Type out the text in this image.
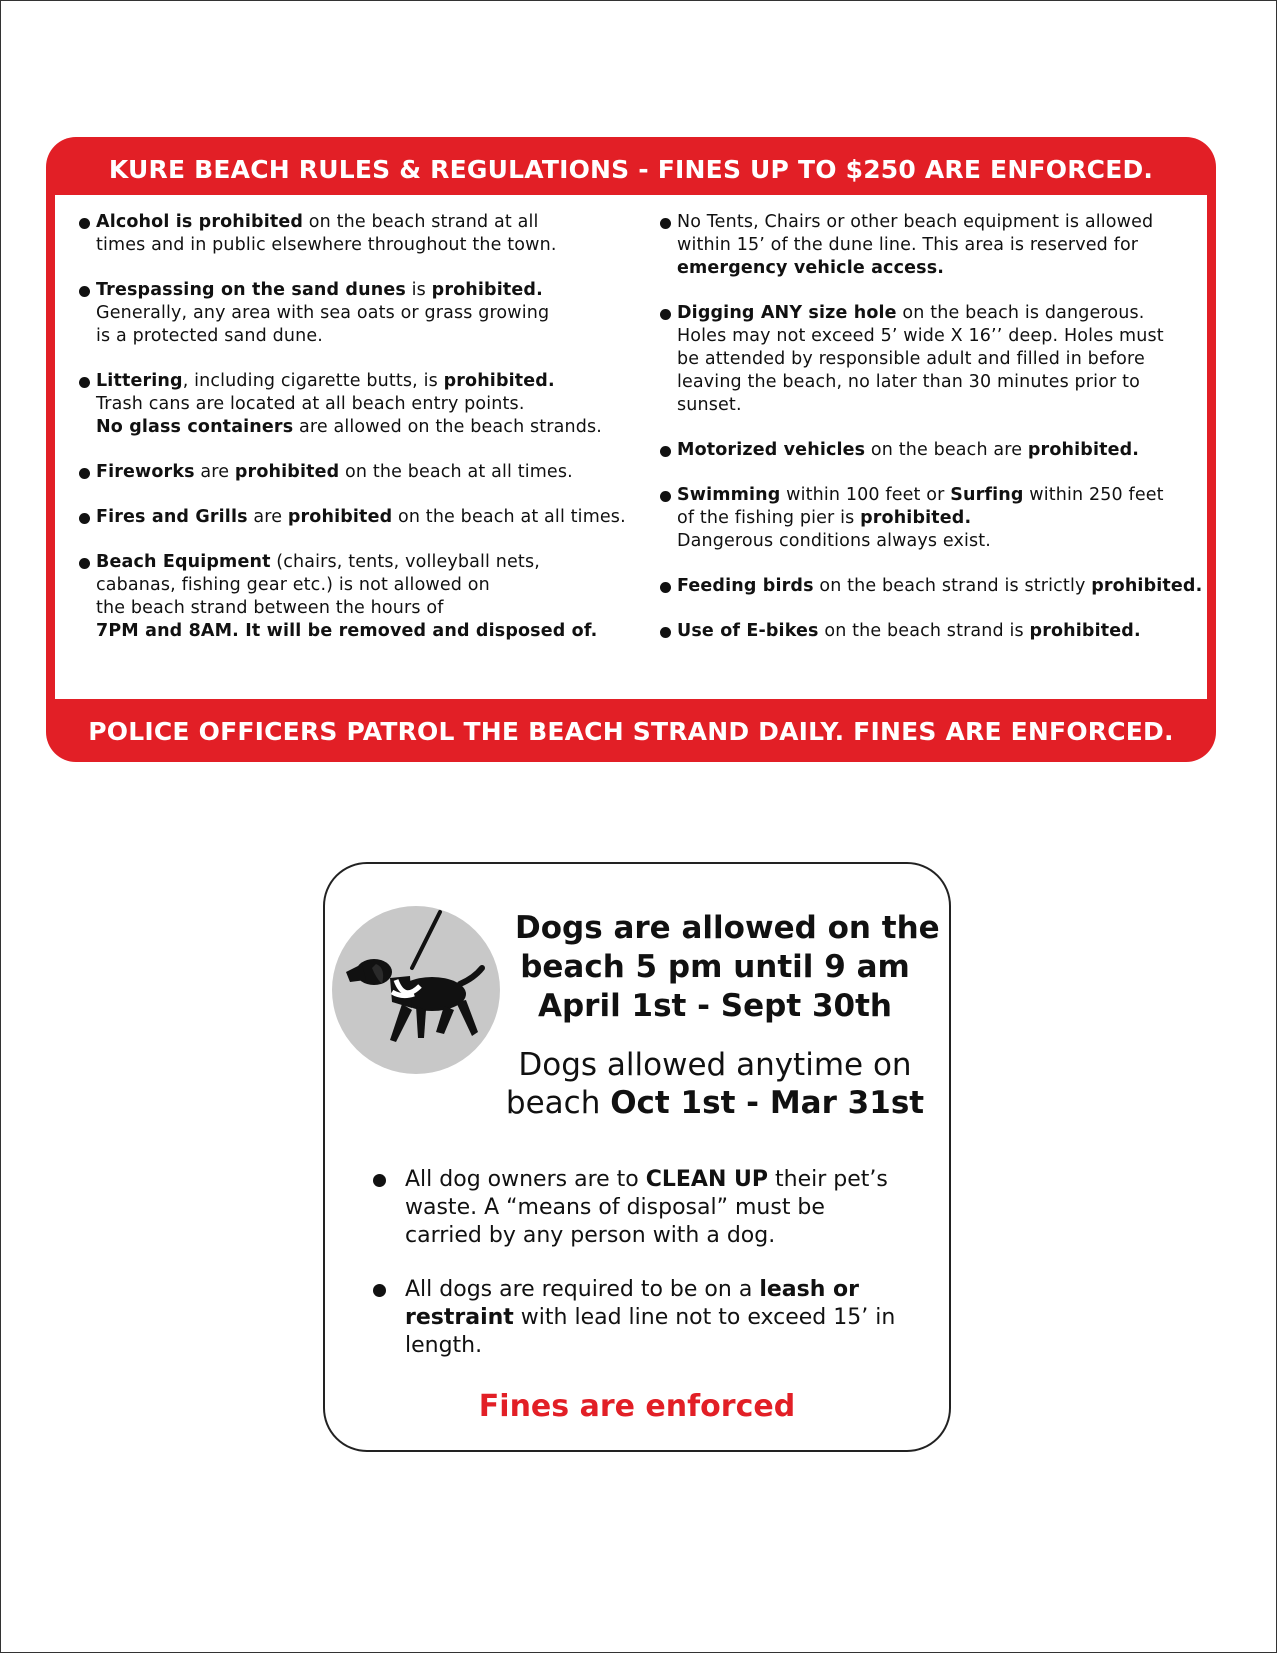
KURE BEACH RULES & REGULATIONS - FINES UP TO $250 ARE ENFORCED.
Alcohol is prohibited on the beach strand at all
times and in public elsewhere throughout the town.
Trespassing on the sand dunes is prohibited.
Generally, any area with sea oats or grass growing
is a protected sand dune.
Littering, including cigarette butts, is prohibited.
Trash cans are located at all beach entry points.
No glass containers are allowed on the beach strands.
Fireworks are prohibited on the beach at all times.
Fires and Grills are prohibited on the beach at all times.
Beach Equipment (chairs, tents, volleyball nets,
cabanas, fishing gear etc.) is not allowed on
the beach strand between the hours of
7PM and 8AM. It will be removed and disposed of.
No Tents, Chairs or other beach equipment is allowed
within 15’ of the dune line. This area is reserved for
emergency vehicle access.
Digging ANY size hole on the beach is dangerous.
Holes may not exceed 5’ wide X 16’’ deep. Holes must
be attended by responsible adult and filled in before
leaving the beach, no later than 30 minutes prior to
sunset.
Motorized vehicles on the beach are prohibited.
Swimming within 100 feet or Surfing within 250 feet
of the fishing pier is prohibited.
Dangerous conditions always exist.
Feeding birds on the beach strand is strictly prohibited.
Use of E-bikes on the beach strand is prohibited.
POLICE OFFICERS PATROL THE BEACH STRAND DAILY. FINES ARE ENFORCED.
Dogs are allowed on the
beach 5 pm until 9 am
April 1st - Sept 30th
Dogs allowed anytime on
beach Oct 1st - Mar 31st
All dog owners are to CLEAN UP their pet’s
waste. A “means of disposal” must be
carried by any person with a dog.
All dogs are required to be on a leash or
restraint with lead line not to exceed 15’ in
length.
Fines are enforced
